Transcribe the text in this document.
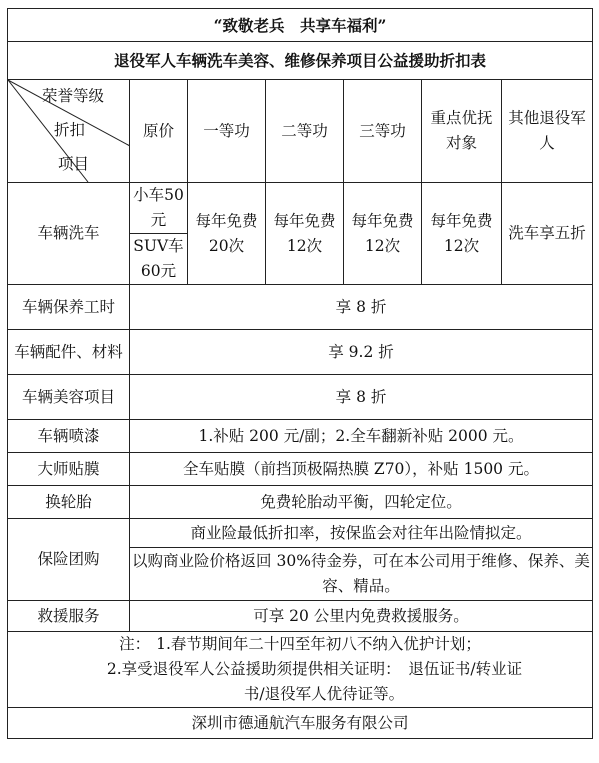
“致敬老兵　共享车福利”						
退役军人车辆洗车美容、维修保养项目公益援助折扣表						

荣誉等级
折扣
项目	原价	一等功	二等功	三等功	重点优抚对象	其他退役军人
车辆洗车	小车50元	每年免费20次	每年免费12次	每年免费12次	每年免费12次	洗车享五折
	SUV车60元					
车辆保养工时	享 8 折					
车辆配件、材料	享 9.2 折					
车辆美容项目	享 8 折					
车辆喷漆	1.补贴 200 元/副；2.全车翻新补贴 2000 元。					
大师贴膜	全车贴膜（前挡顶极隔热膜 Z70），补贴 1500 元。					
换轮胎	免费轮胎动平衡，四轮定位。					
保险团购	商业险最低折扣率，按保监会对往年出险情拟定。					
	以购商业险价格返回 30%待金券，可在本公司用于维修、保养、美容、精品。					
救援服务	可享 20 公里内免费救援服务。					

注： 1.春节期间年二十四至年初八不纳入优护计划；
2.享受退役军人公益援助须提供相关证明：　退伍证书/转业证
书/退役军人优待证等。						

深圳市德通航汽车服务有限公司						
